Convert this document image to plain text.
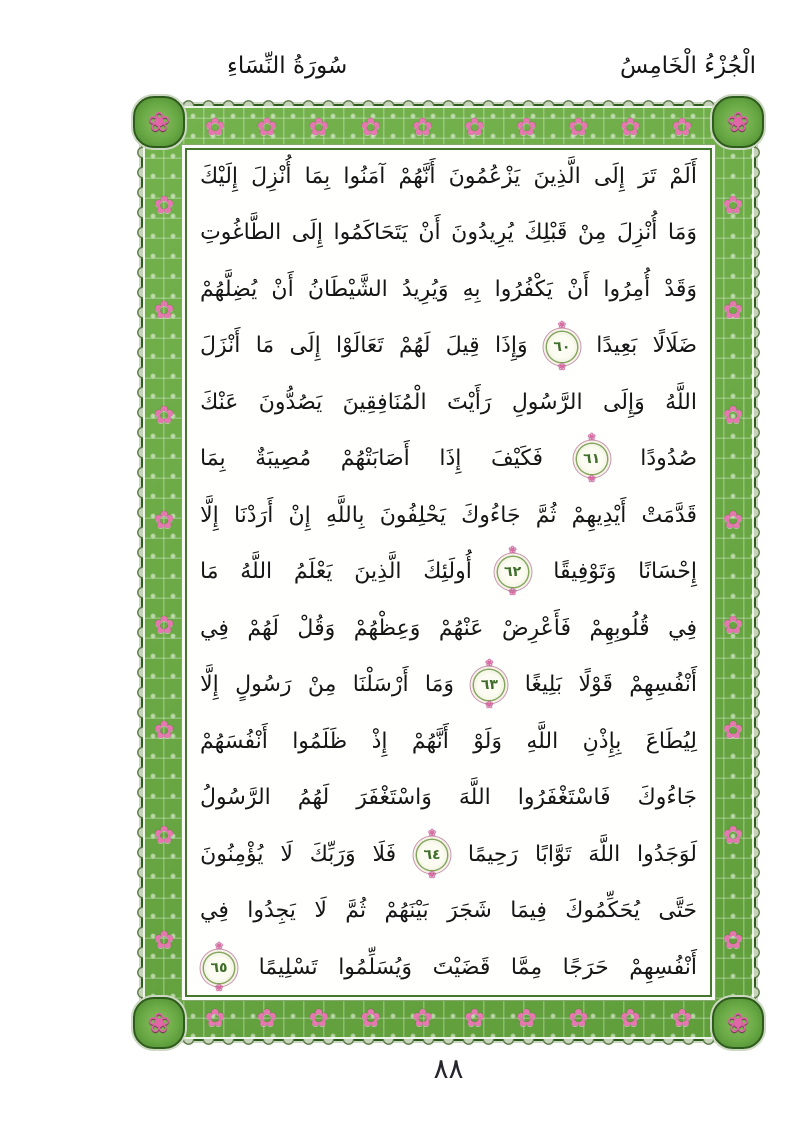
الْجُزْءُ الْخَامِسُ
سُورَةُ النِّسَاءِ
❀	❀
❀	❀
✿
✿
✿
✿
✿
✿
✿
✿
✿
✿
✿
✿
✿
✿
✿
✿
✿
✿
✿
✿
✿
✿
✿
✿
✿
✿
✿
✿
✿
✿
✿
✿
✿
✿
✿
✿
أَلَمْ
تَرَ
إِلَى
الَّذِينَ
يَزْعُمُونَ
أَنَّهُمْ
آمَنُوا
بِمَا
أُنْزِلَ
إِلَيْكَ
وَمَا
أُنْزِلَ
مِنْ
قَبْلِكَ
يُرِيدُونَ
أَنْ
يَتَحَاكَمُوا
إِلَى
الطَّاغُوتِ
وَقَدْ
أُمِرُوا
أَنْ
يَكْفُرُوا
بِهِ
وَيُرِيدُ
الشَّيْطَانُ
أَنْ
يُضِلَّهُمْ
ضَلَالًا
بَعِيدًا
❀
❀
٦٠
وَإِذَا
قِيلَ
لَهُمْ
تَعَالَوْا
إِلَى
مَا
أَنْزَلَ
اللَّهُ
وَإِلَى
الرَّسُولِ
رَأَيْتَ
الْمُنَافِقِينَ
يَصُدُّونَ
عَنْكَ
صُدُودًا
❀
❀
٦١
فَكَيْفَ
إِذَا
أَصَابَتْهُمْ
مُصِيبَةٌ
بِمَا
قَدَّمَتْ
أَيْدِيهِمْ
ثُمَّ
جَاءُوكَ
يَحْلِفُونَ
بِاللَّهِ
إِنْ
أَرَدْنَا
إِلَّا
إِحْسَانًا
وَتَوْفِيقًا
❀
❀
٦٢
أُولَئِكَ
الَّذِينَ
يَعْلَمُ
اللَّهُ
مَا
فِي
قُلُوبِهِمْ
فَأَعْرِضْ
عَنْهُمْ
وَعِظْهُمْ
وَقُلْ
لَهُمْ
فِي
أَنْفُسِهِمْ
قَوْلًا
بَلِيغًا
❀
❀
٦٣
وَمَا
أَرْسَلْنَا
مِنْ
رَسُولٍ
إِلَّا
لِيُطَاعَ
بِإِذْنِ
اللَّهِ
وَلَوْ
أَنَّهُمْ
إِذْ
ظَلَمُوا
أَنْفُسَهُمْ
جَاءُوكَ
فَاسْتَغْفَرُوا
اللَّهَ
وَاسْتَغْفَرَ
لَهُمُ
الرَّسُولُ
لَوَجَدُوا
اللَّهَ
تَوَّابًا
رَحِيمًا
❀
❀
٦٤
فَلَا
وَرَبِّكَ
لَا
يُؤْمِنُونَ
حَتَّى
يُحَكِّمُوكَ
فِيمَا
شَجَرَ
بَيْنَهُمْ
ثُمَّ
لَا
يَجِدُوا
فِي
أَنْفُسِهِمْ
حَرَجًا
مِمَّا
قَضَيْتَ
وَيُسَلِّمُوا
تَسْلِيمًا
❀
❀
٦٥
٨٨
